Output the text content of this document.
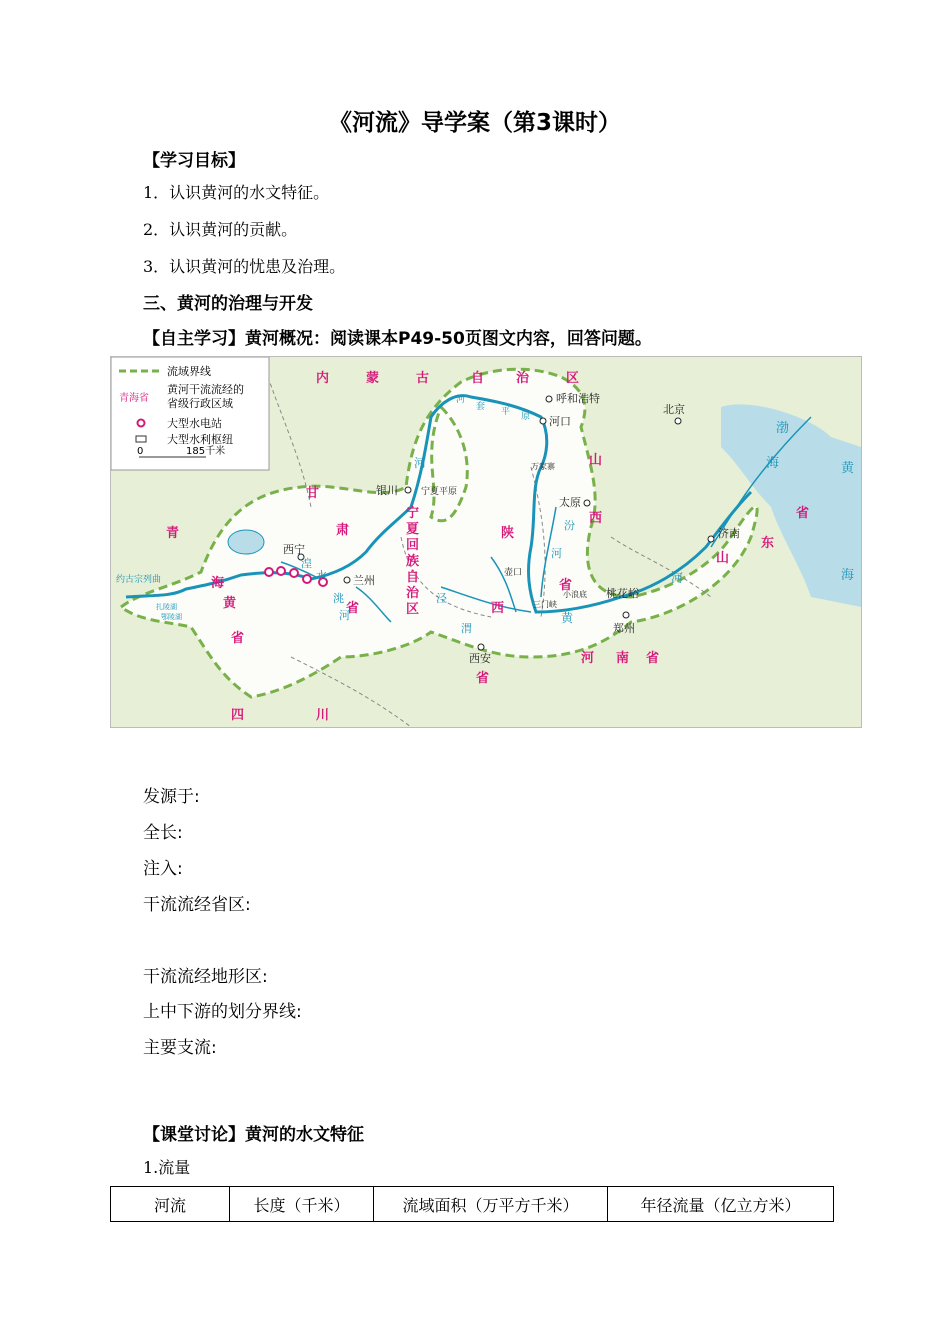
《河流》导学案（第3课时）
【学习目标】
1．认识黄河的水文特征。
2．认识黄河的贡献。
3．认识黄河的忧患及治理。
三、黄河的治理与开发
【自主学习】黄河概况：阅读课本P49-50页图文内容，回答问题。
流域界线
青海省
黄河干流流经的
省级行政区域
大型水电站
大型水利枢纽
0	185千米
内	蒙	古	自 治	区
甘
肃
省
青
海
省
黄
宁
夏
回
族
自
治
区
陕
西
省
山
西
省
河 南 省
山
东
省
四	川
北京
呼和浩特
河口
万家寨
银川	宁夏平原
太原
西宁
兰州
西安
郑州
济南
桃花峪
三门峡
小浪底
壶口
河
套 平 原
黄
河
河
湟
水
洮
河
泾
渭
汾
河
约古宗列曲
扎陵湖
鄂陵湖
渤
海	黄
海
发源于:
全长:
注入:
干流流经省区:
干流流经地形区:
上中下游的划分界线:
主要支流:
【课堂讨论】黄河的水文特征
1.流量
河流	长度（千米）	流域面积（万平方千米）	年径流量（亿立方米）
